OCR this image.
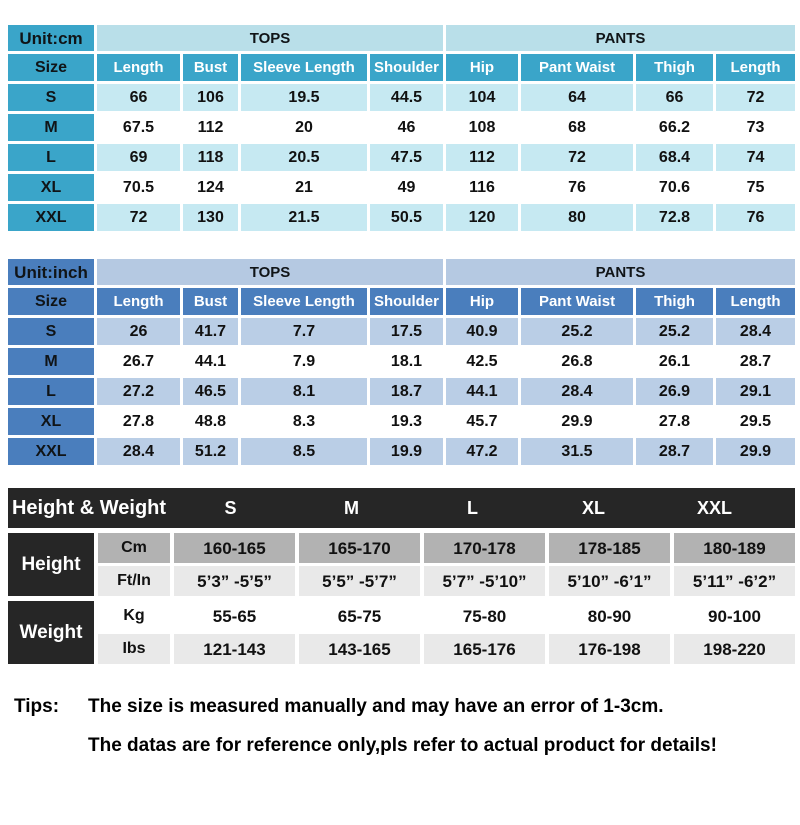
Unit:cm	TOPS	PANTS
Size	Length	Bust	Sleeve Length	Shoulder	Hip	Pant Waist	Thigh	Length
S	66	106	19.5	44.5	104	64	66	72
M	67.5	112	20	46	108	68	66.2	73
L	69	118	20.5	47.5	112	72	68.4	74
XL	70.5	124	21	49	116	76	70.6	75
XXL	72	130	21.5	50.5	120	80	72.8	76
Unit:inch	TOPS	PANTS
Size	Length	Bust	Sleeve Length	Shoulder	Hip	Pant Waist	Thigh	Length
S	26	41.7	7.7	17.5	40.9	25.2	25.2	28.4
M	26.7	44.1	7.9	18.1	42.5	26.8	26.1	28.7
L	27.2	46.5	8.1	18.7	44.1	28.4	26.9	29.1
XL	27.8	48.8	8.3	19.3	45.7	29.9	27.8	29.5
XXL	28.4	51.2	8.5	19.9	47.2	31.5	28.7	29.9
Height & Weight	S	M	L	XL	XXL
Height
Cm	160-165	165-170	170-178	178-185	180-189
Ft/In	5’3” -5’5”	5’5” -5’7”	5’7” -5’10”	5’10” -6’1”	5’11” -6’2”
Weight
Kg	55-65	65-75	75-80	80-90	90-100
Ibs	121-143	143-165	165-176	176-198	198-220
Tips:	The size is measured manually and may have an error of 1-3cm.
The datas are for reference only,pls refer to actual product for details!
